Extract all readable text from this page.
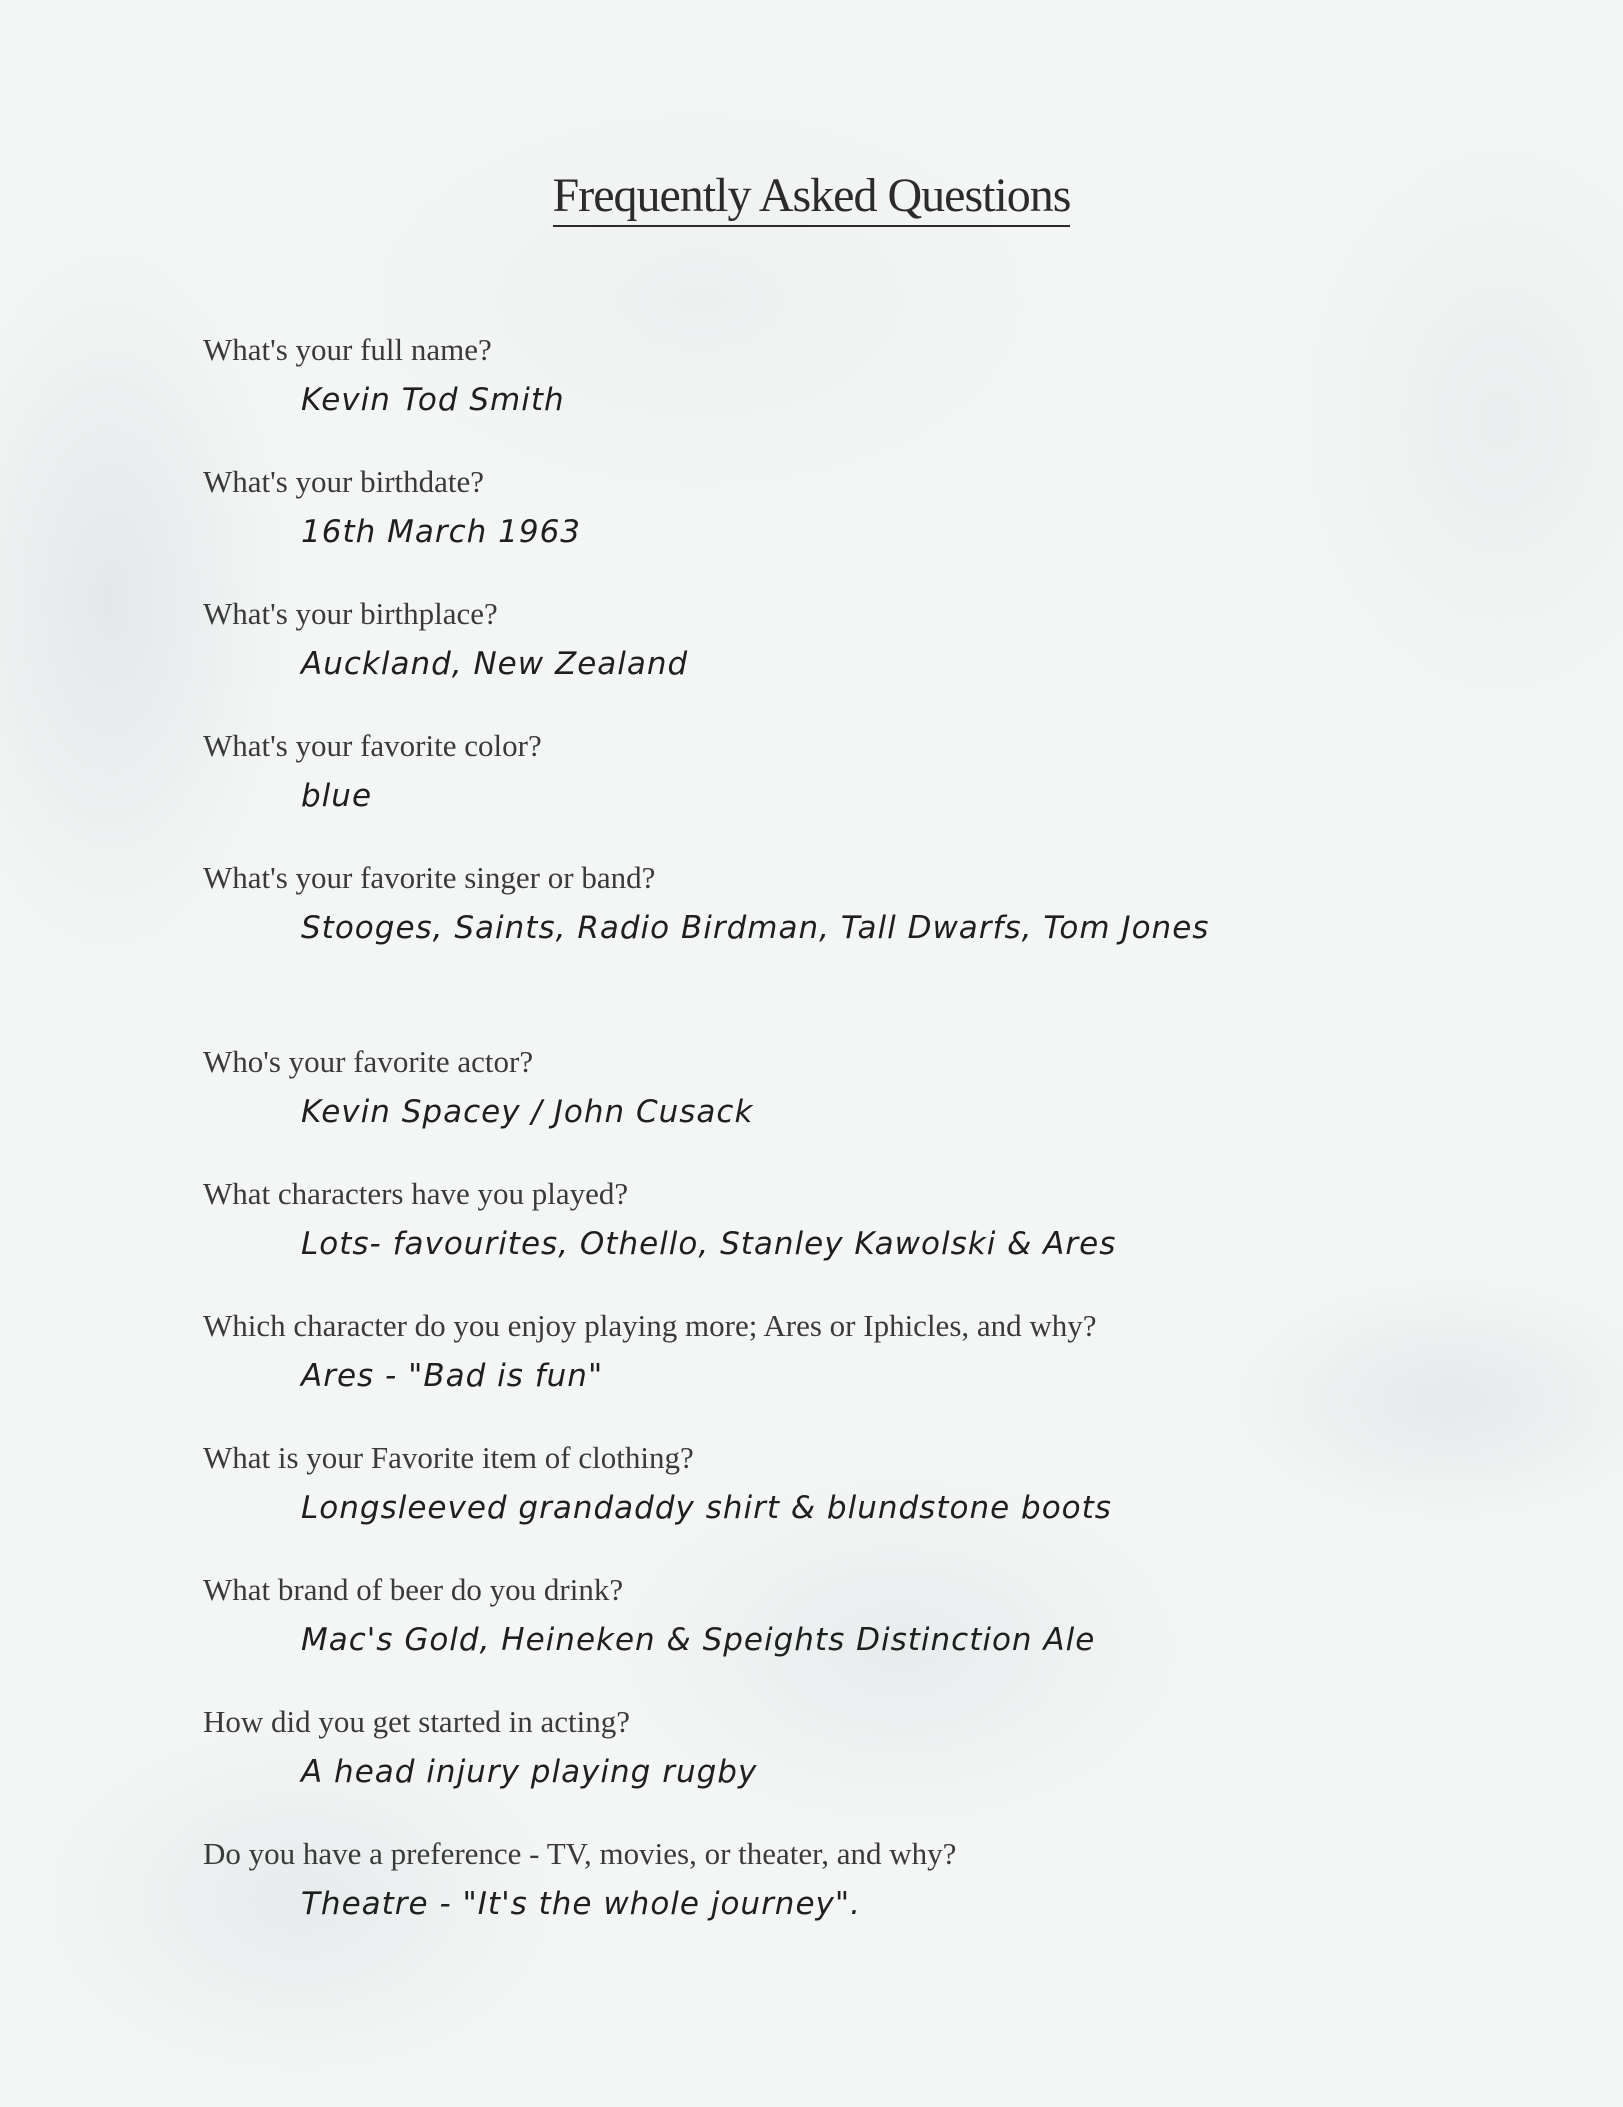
Frequently Asked Questions
What's your full name?
Kevin Tod Smith
What's your birthdate?
16th March 1963
What's your birthplace?
Auckland, New Zealand
What's your favorite color?
blue
What's your favorite singer or band?
Stooges, Saints, Radio Birdman, Tall Dwarfs, Tom Jones
Who's your favorite actor?
Kevin Spacey / John Cusack
What characters have you played?
Lots- favourites, Othello, Stanley Kawolski & Ares
Which character do you enjoy playing more; Ares or Iphicles, and why?
Ares - "Bad is fun"
What is your Favorite item of clothing?
Longsleeved grandaddy shirt & blundstone boots
What brand of beer do you drink?
Mac's Gold, Heineken & Speights Distinction Ale
How did you get started in acting?
A head injury playing rugby
Do you have a preference - TV, movies, or theater, and why?
Theatre - "It's the whole journey".
